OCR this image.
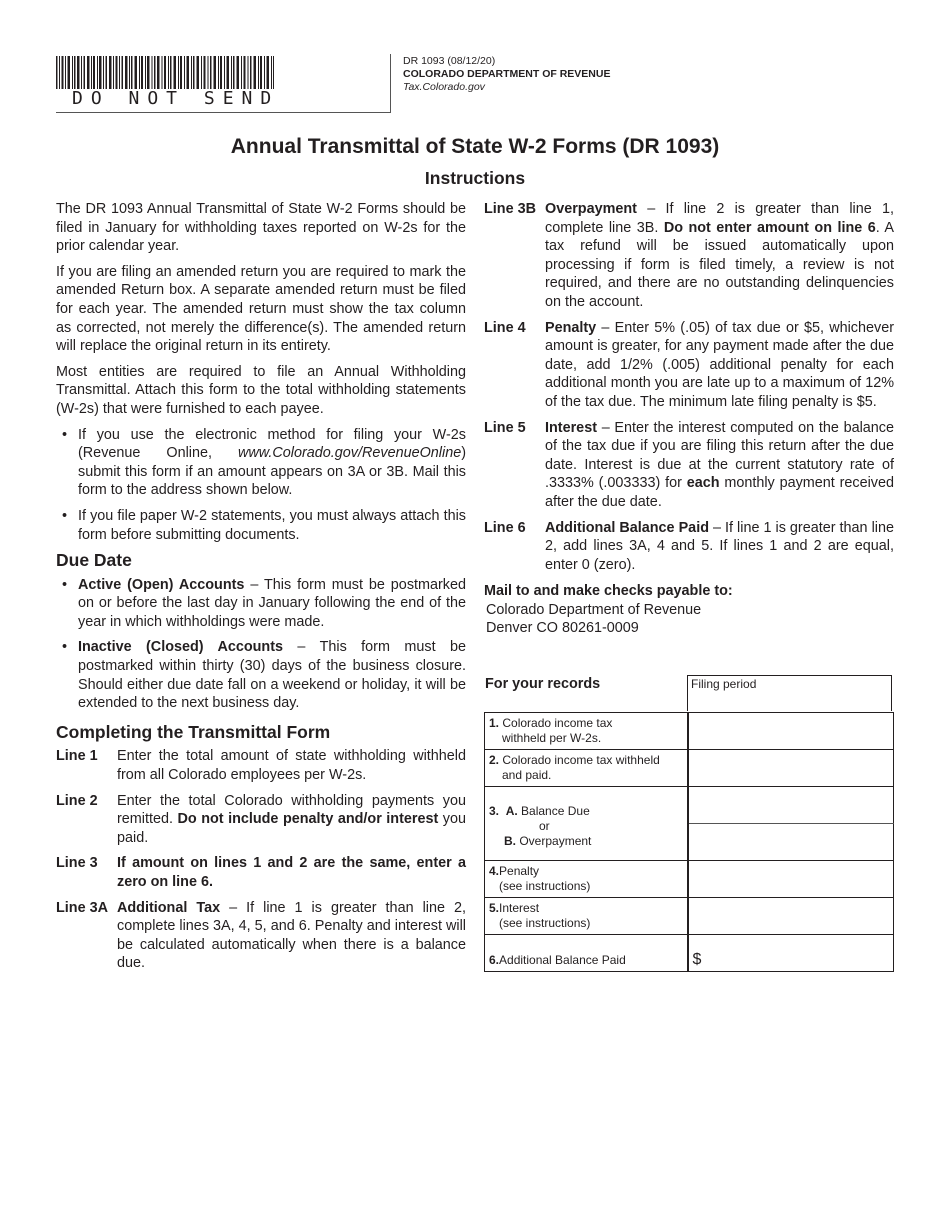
DO NOT SEND
DR 1093 (08/12/20)
COLORADO DEPARTMENT OF REVENUE
Tax.Colorado.gov
Annual Transmittal of State W-2 Forms (DR 1093)
Instructions

The DR 1093 Annual Transmittal of State W-2 Forms should be filed in January for withholding taxes reported on W-2s for the prior calendar year.

If you are filing an amended return you are required to mark the amended Return box. A separate amended return must be filed for each year. The amended return must show the tax column as corrected, not merely the difference(s). The amended return will replace the original return in its entirety.

Most entities are required to file an Annual Withholding Transmittal. Attach this form to the total withholding statements (W-2s) that were furnished to each payee.

• If you use the electronic method for filing your W-2s (Revenue Online, www.Colorado.gov/RevenueOnline) submit this form if an amount appears on 3A or 3B. Mail this form to the address shown below.
• If you file paper W-2 statements, you must always attach this form before submitting documents.
Due Date
• Active (Open) Accounts – This form must be postmarked on or before the last day in January following the end of the year in which withholdings were made.
• Inactive (Closed) Accounts – This form must be postmarked within thirty (30) days of the business closure. Should either due date fall on a weekend or holiday, it will be extended to the next business day.
Completing the Transmittal Form
Line 1	Enter the total amount of state withholding withheld from all Colorado employees per W-2s.
Line 2	Enter the total Colorado withholding payments you remitted. Do not include penalty and/or interest you paid.
Line 3	If amount on lines 1 and 2 are the same, enter a zero on line 6.
Line 3A Additional Tax – If line 1 is greater than line 2, complete lines 3A, 4, 5, and 6. Penalty and interest will be calculated automatically when there is a balance due.
Line 3B Overpayment – If line 2 is greater than line 1, complete line 3B. Do not enter amount on line 6. A tax refund will be issued automatically upon processing if form is filed timely, a review is not required, and there are no outstanding delinquencies on the account.
Line 4	Penalty – Enter 5% (.05) of tax due or $5, whichever amount is greater, for any payment made after the due date, add 1/2% (.005) additional penalty for each additional month you are late up to a maximum of 12% of the tax due. The minimum late filing penalty is $5.
Line 5	Interest – Enter the interest computed on the balance of the tax due if you are filing this return after the due date. Interest is due at the current statutory rate of .3333% (.003333) for each monthly payment received after the due date.
Line 6	Additional Balance Paid – If line 1 is greater than line 2, add lines 3A, 4 and 5. If lines 1 and 2 are equal, enter 0 (zero).
Mail to and make checks payable to:
Colorado Department of Revenue
Denver CO 80261-0009
For your records	Filing period
1. Colorado income tax
withheld per W-2s.	
2. Colorado income tax withheld
and paid.	
3. A. Balance Due
or
B. Overpayment	

4.Penalty
(see instructions)	
5.Interest
(see instructions)	
6.Additional Balance Paid	$
